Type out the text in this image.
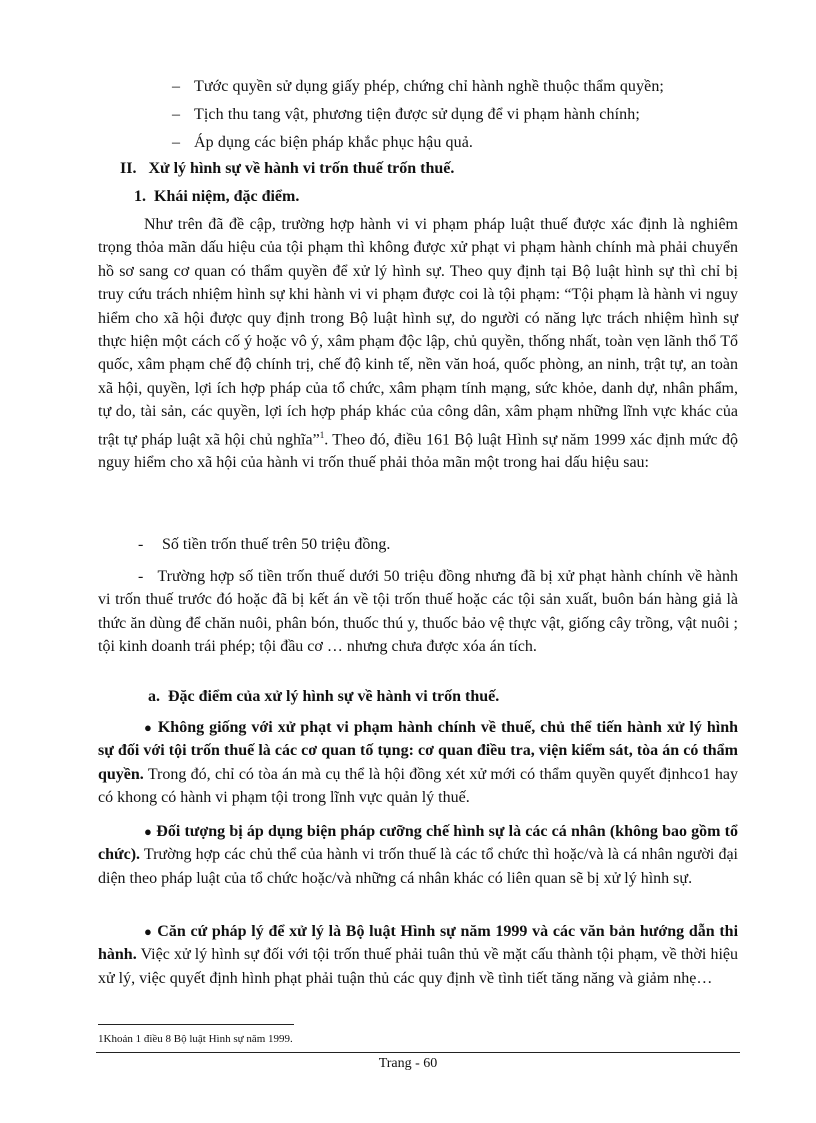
– Tước quyền sử dụng giấy phép, chứng chỉ hành nghề thuộc thẩm quyền;
– Tịch thu tang vật, phương tiện được sử dụng để vi phạm hành chính;
– Áp dụng các biện pháp khắc phục hậu quả.
II.   Xử lý hình sự về hành vi trốn thuế trốn thuế.
1.  Khái niệm, đặc điểm.

Như trên đã đề cập, trường hợp hành vi vi phạm pháp luật thuế được xác định là nghiêm trọng thỏa mãn dấu hiệu của tội phạm thì không được xử phạt vi phạm hành chính mà phải chuyển hồ sơ sang cơ quan có thẩm quyền để xử lý hình sự. Theo quy định tại Bộ luật hình sự thì chỉ bị truy cứu trách nhiệm hình sự khi hành vi vi phạm được coi là tội phạm: “Tội phạm là hành vi nguy hiểm cho xã hội được quy định trong Bộ luật hình sự, do người có năng lực trách nhiệm hình sự thực hiện một cách cố ý hoặc vô ý, xâm phạm độc lập, chủ quyền, thống nhất, toàn vẹn lãnh thổ Tổ quốc, xâm phạm chế độ chính trị, chế độ kinh tế, nền văn hoá, quốc phòng, an ninh, trật tự, an toàn xã hội, quyền, lợi ích hợp pháp của tổ chức, xâm phạm tính mạng, sức khỏe, danh dự, nhân phẩm, tự do, tài sản, các quyền, lợi ích hợp pháp khác của công dân, xâm phạm những lĩnh vực khác của trật tự pháp luật xã hội chủ nghĩa”$^1$. Theo đó, điều 161 Bộ luật Hình sự năm 1999 xác định mức độ nguy hiểm cho xã hội của hành vi trốn thuế phải thỏa mãn một trong hai dấu hiệu sau:

- Số tiền trốn thuế trên 50 triệu đồng.

- Trường hợp số tiền trốn thuế dưới 50 triệu đồng nhưng đã bị xử phạt hành chính về hành vi trốn thuế trước đó hoặc đã bị kết án về tội trốn thuế hoặc các tội sản xuất, buôn bán hàng giả là thức ăn dùng để chăn nuôi, phân bón, thuốc thú y, thuốc bảo vệ thực vật, giống cây trồng, vật nuôi ; tội kinh doanh trái phép; tội đầu cơ … nhưng chưa được xóa án tích.

a.  Đặc điểm của xử lý hình sự về hành vi trốn thuế.

● Không giống với xử phạt vi phạm hành chính về thuế, chủ thể tiến hành xử lý hình sự đối với tội trốn thuế là các cơ quan tố tụng: cơ quan điều tra, viện kiểm sát, tòa án có thẩm quyền. Trong đó, chỉ có tòa án mà cụ thể là hội đồng xét xử mới có thẩm quyền quyết địnhco1 hay có khong có hành vi phạm tội trong lĩnh vực quản lý thuế.

● Đối tượng bị áp dụng biện pháp cưỡng chế hình sự là các cá nhân (không bao gồm tổ chức). Trường hợp các chủ thể của hành vi trốn thuế là các tổ chức thì hoặc/và là cá nhân người đại diện theo pháp luật của tổ chức hoặc/và những cá nhân khác có liên quan sẽ bị xử lý hình sự.

● Căn cứ pháp lý để xử lý là Bộ luật Hình sự năm 1999 và các văn bản hướng dẫn thi hành. Việc xử lý hình sự đối với tội trốn thuế phải tuân thủ về mặt cấu thành tội phạm, về thời hiệu xử lý, việc quyết định hình phạt phải tuận thủ các quy định về tình tiết tăng năng và giảm nhẹ…

1Khoản 1 điều 8 Bộ luật Hình sự năm 1999.
Trang - 60
